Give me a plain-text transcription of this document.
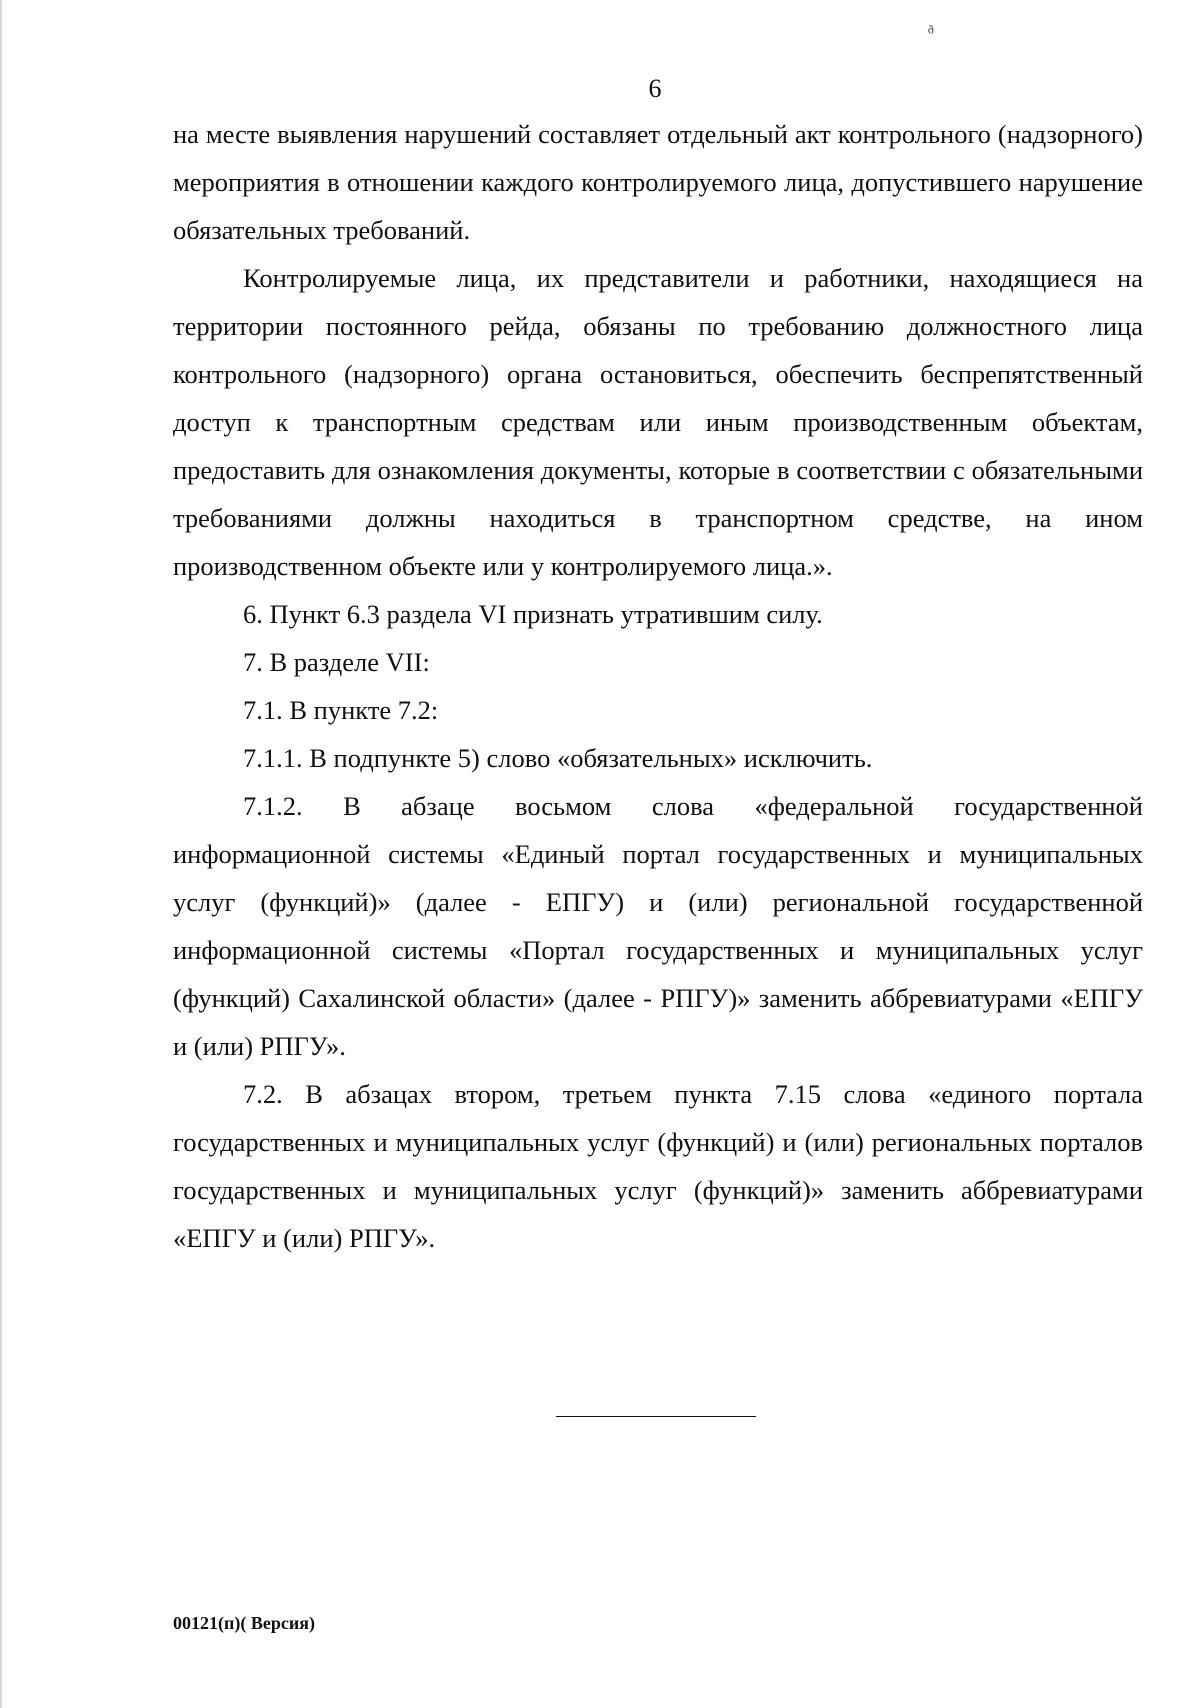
ᶞ
6

на месте выявления нарушений составляет отдельный акт контрольного (надзорного) мероприятия в отношении каждого контролируемого лица, допустившего нарушение обязательных требований.

Контролируемые лица, их представители и работники, находящиеся на территории постоянного рейда, обязаны по требованию должностного лица контрольного (надзорного) органа остановиться, обеспечить беспрепятственный доступ к транспортным средствам или иным производственным объектам, предоставить для ознакомления документы, которые в соответствии с обязательными требованиями должны находиться в транспортном средстве, на ином производственном объекте или у контролируемого лица.».

6. Пункт 6.3 раздела VI признать утратившим силу.

7. В разделе VII:

7.1. В пункте 7.2:

7.1.1. В подпункте 5) слово «обязательных» исключить.

7.1.2. В абзаце восьмом слова «федеральной государственной информационной системы «Единый портал государственных и муниципальных услуг (функций)» (далее - ЕПГУ) и (или) региональной государственной информационной системы «Портал государственных и муниципальных услуг (функций) Сахалинской области» (далее - РПГУ)» заменить аббревиатурами «ЕПГУ и (или) РПГУ».

7.2. В абзацах втором, третьем пункта 7.15 слова «единого портала государственных и муниципальных услуг (функций) и (или) региональных порталов государственных и муниципальных услуг (функций)» заменить аббревиатурами «ЕПГУ и (или) РПГУ».

00121(п)( Версия)
